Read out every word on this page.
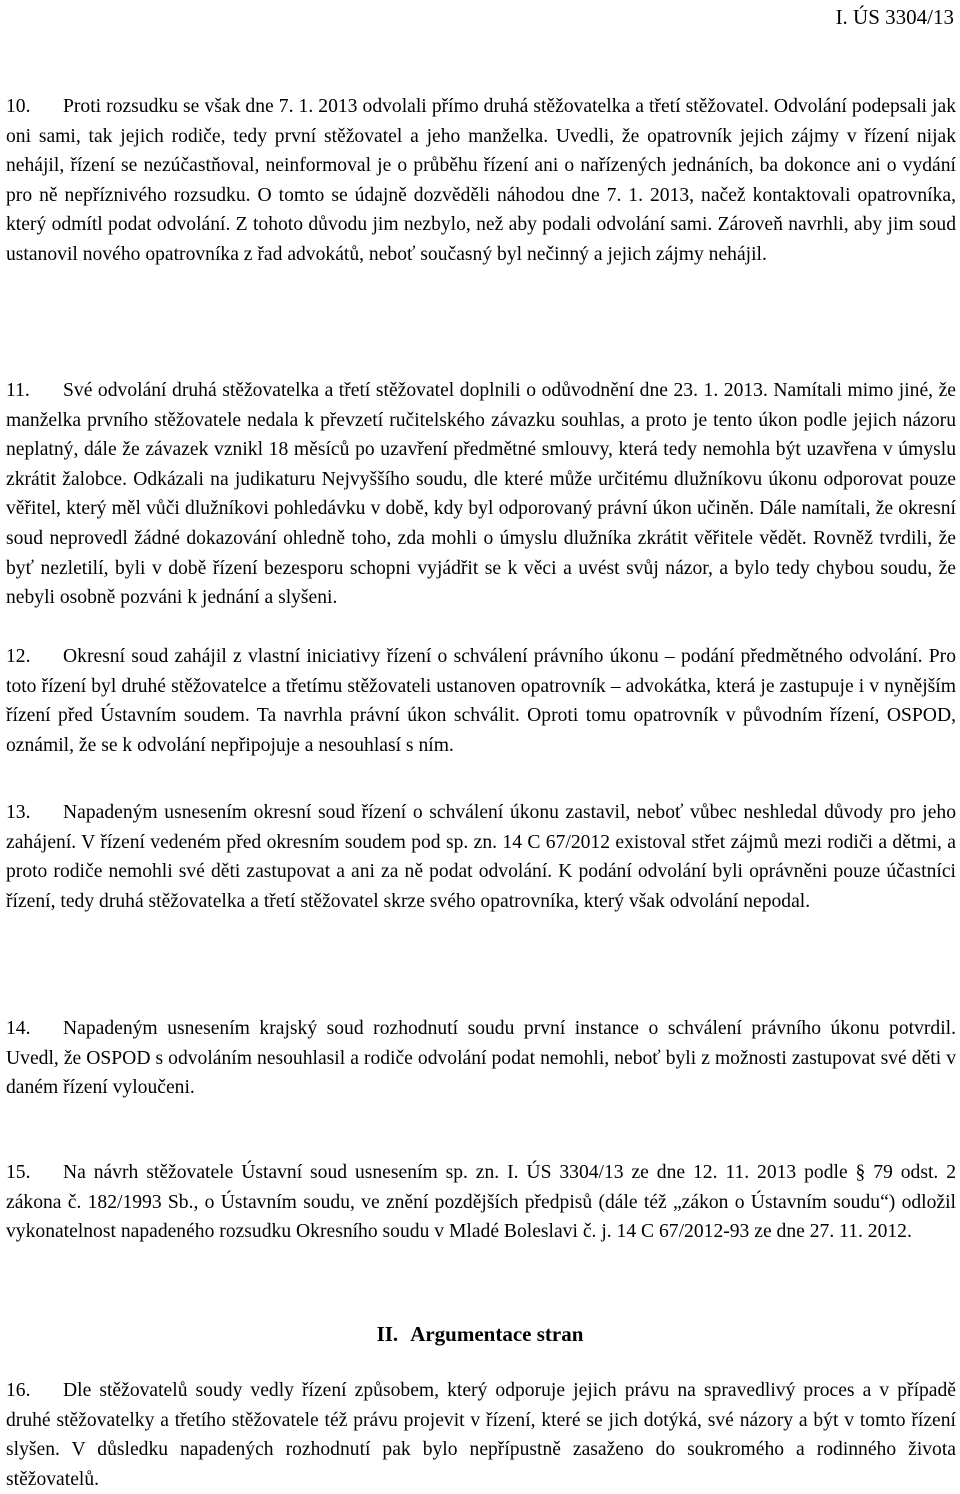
I. ÚS 3304/13

10. Proti rozsudku se však dne 7. 1. 2013 odvolali přímo druhá stěžovatelka a třetí stěžovatel. Odvolání podepsali jak oni sami, tak jejich rodiče, tedy první stěžovatel a jeho manželka. Uvedli, že opatrovník jejich zájmy v řízení nijak nehájil, řízení se nezúčastňoval, neinformoval je o průběhu řízení ani o nařízených jednáních, ba dokonce ani o vydání pro ně nepříznivého rozsudku. O tomto se údajně dozvěděli náhodou dne 7. 1. 2013, načež kontaktovali opatrovníka, který odmítl podat odvolání. Z tohoto důvodu jim nezbylo, než aby podali odvolání sami. Zároveň navrhli, aby jim soud ustanovil nového opatrovníka z řad advokátů, neboť současný byl nečinný a jejich zájmy nehájil.

11. Své odvolání druhá stěžovatelka a třetí stěžovatel doplnili o odůvodnění dne 23. 1. 2013. Namítali mimo jiné, že manželka prvního stěžovatele nedala k převzetí ručitelského závazku souhlas, a proto je tento úkon podle jejich názoru neplatný, dále že závazek vznikl 18 měsíců po uzavření předmětné smlouvy, která tedy nemohla být uzavřena v úmyslu zkrátit žalobce. Odkázali na judikaturu Nejvyššího soudu, dle které může určitému dlužníkovu úkonu odporovat pouze věřitel, který měl vůči dlužníkovi pohledávku v době, kdy byl odporovaný právní úkon učiněn. Dále namítali, že okresní soud neprovedl žádné dokazování ohledně toho, zda mohli o úmyslu dlužníka zkrátit věřitele vědět. Rovněž tvrdili, že byť nezletilí, byli v době řízení bezesporu schopni vyjádřit se k věci a uvést svůj názor, a bylo tedy chybou soudu, že nebyli osobně pozváni k jednání a slyšeni.

12. Okresní soud zahájil z vlastní iniciativy řízení o schválení právního úkonu – podání předmětného odvolání. Pro toto řízení byl druhé stěžovatelce a třetímu stěžovateli ustanoven opatrovník – advokátka, která je zastupuje i v nynějším řízení před Ústavním soudem. Ta navrhla právní úkon schválit. Oproti tomu opatrovník v původním řízení, OSPOD, oznámil, že se k odvolání nepřipojuje a nesouhlasí s ním.

13. Napadeným usnesením okresní soud řízení o schválení úkonu zastavil, neboť vůbec neshledal důvody pro jeho zahájení. V řízení vedeném před okresním soudem pod sp. zn. 14 C 67/2012 existoval střet zájmů mezi rodiči a dětmi, a proto rodiče nemohli své děti zastupovat a ani za ně podat odvolání. K podání odvolání byli oprávněni pouze účastníci řízení, tedy druhá stěžovatelka a třetí stěžovatel skrze svého opatrovníka, který však odvolání nepodal.

14. Napadeným usnesením krajský soud rozhodnutí soudu první instance o schválení právního úkonu potvrdil. Uvedl, že OSPOD s odvoláním nesouhlasil a rodiče odvolání podat nemohli, neboť byli z možnosti zastupovat své děti v daném řízení vyloučeni.

15. Na návrh stěžovatele Ústavní soud usnesením sp. zn. I. ÚS 3304/13 ze dne 12. 11. 2013 podle § 79 odst. 2 zákona č. 182/1993 Sb., o Ústavním soudu, ve znění pozdějších předpisů (dále též „zákon o Ústavním soudu“) odložil vykonatelnost napadeného rozsudku Okresního soudu v Mladé Boleslavi č. j. 14 C 67/2012-93 ze dne 27. 11. 2012.

II. Argumentace stran

16. Dle stěžovatelů soudy vedly řízení způsobem, který odporuje jejich právu na spravedlivý proces a v případě druhé stěžovatelky a třetího stěžovatele též právu projevit v řízení, které se jich dotýká, své názory a být v tomto řízení slyšen. V důsledku napadených rozhodnutí pak bylo nepřípustně zasaženo do soukromého a rodinného života stěžovatelů.
